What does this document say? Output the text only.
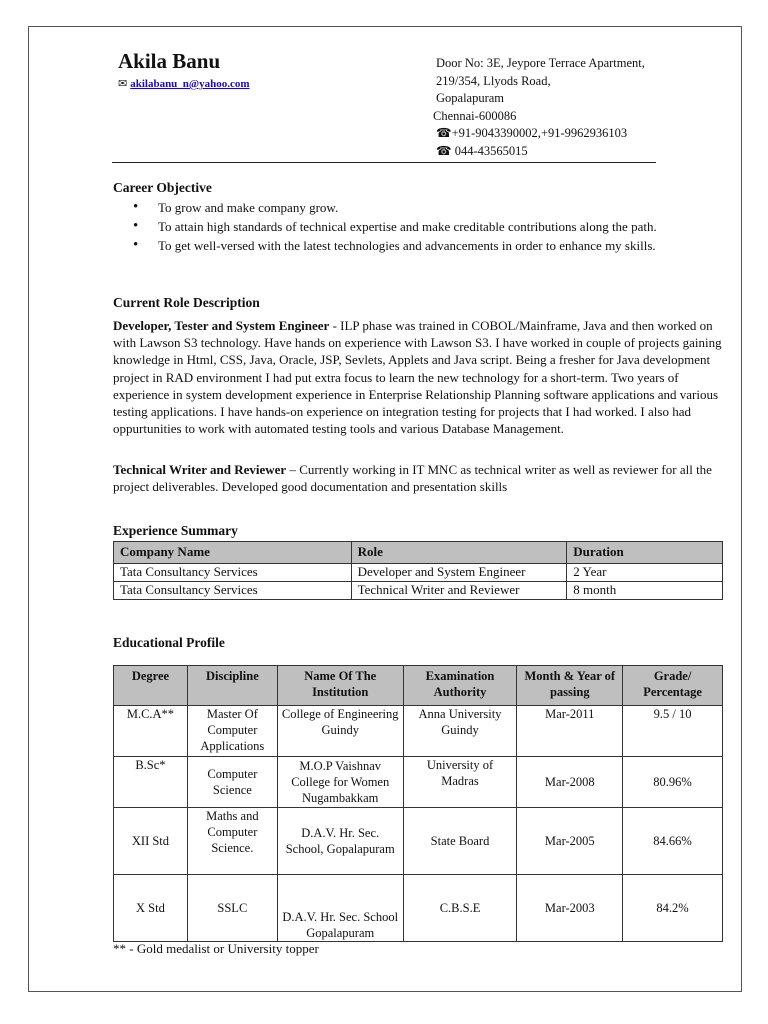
Akila Banu
✉ akilabanu_n@yahoo.com
Door No: 3E, Jeypore Terrace Apartment,
219/354, Llyods Road,
Gopalapuram
Chennai-600086
☎+91-9043390002,+91-9962936103
☎ 044-43565015
Career Objective
• To grow and make company grow.
• To attain high standards of technical expertise and make creditable contributions along the path.
• To get well-versed with the latest technologies and advancements in order to enhance my skills.
Current Role Description

Developer, Tester and System Engineer - ILP phase was trained in COBOL/Mainframe, Java and then worked on with Lawson S3 technology. Have hands on experience with Lawson S3. I have worked in couple of projects gaining knowledge in Html, CSS, Java, Oracle, JSP, Sevlets, Applets and Java script. Being a fresher for Java development project in RAD environment I had put extra focus to learn the new technology for a short-term. Two years of experience in system development experience in Enterprise Relationship Planning software applications and various testing applications. I have hands-on experience on integration testing for projects that I had worked. I also had oppurtunities to work with automated testing tools and various Database Management.

Technical Writer and Reviewer – Currently working in IT MNC as technical writer as well as reviewer for all the project deliverables. Developed good documentation and presentation skills

Experience Summary
Company Name	Role	Duration
Tata Consultancy Services	Developer and System Engineer	2 Year
Tata Consultancy Services	Technical Writer and Reviewer	8 month
Educational Profile
Degree	Discipline	Name Of The Institution	Examination Authority	Month & Year of passing	Grade/ Percentage
M.C.A**	Master Of Computer Applications	College of Engineering Guindy	Anna University Guindy	Mar-2011	9.5 / 10
B.Sc*	Computer Science	M.O.P Vaishnav College for Women Nugambakkam	University of Madras	Mar-2008	80.96%
XII Std	Maths and Computer Science.	D.A.V. Hr. Sec. School, Gopalapuram	State Board	Mar-2005	84.66%
X Std	SSLC	D.A.V. Hr. Sec. School Gopalapuram	C.B.S.E	Mar-2003	84.2%
** - Gold medalist or University topper
